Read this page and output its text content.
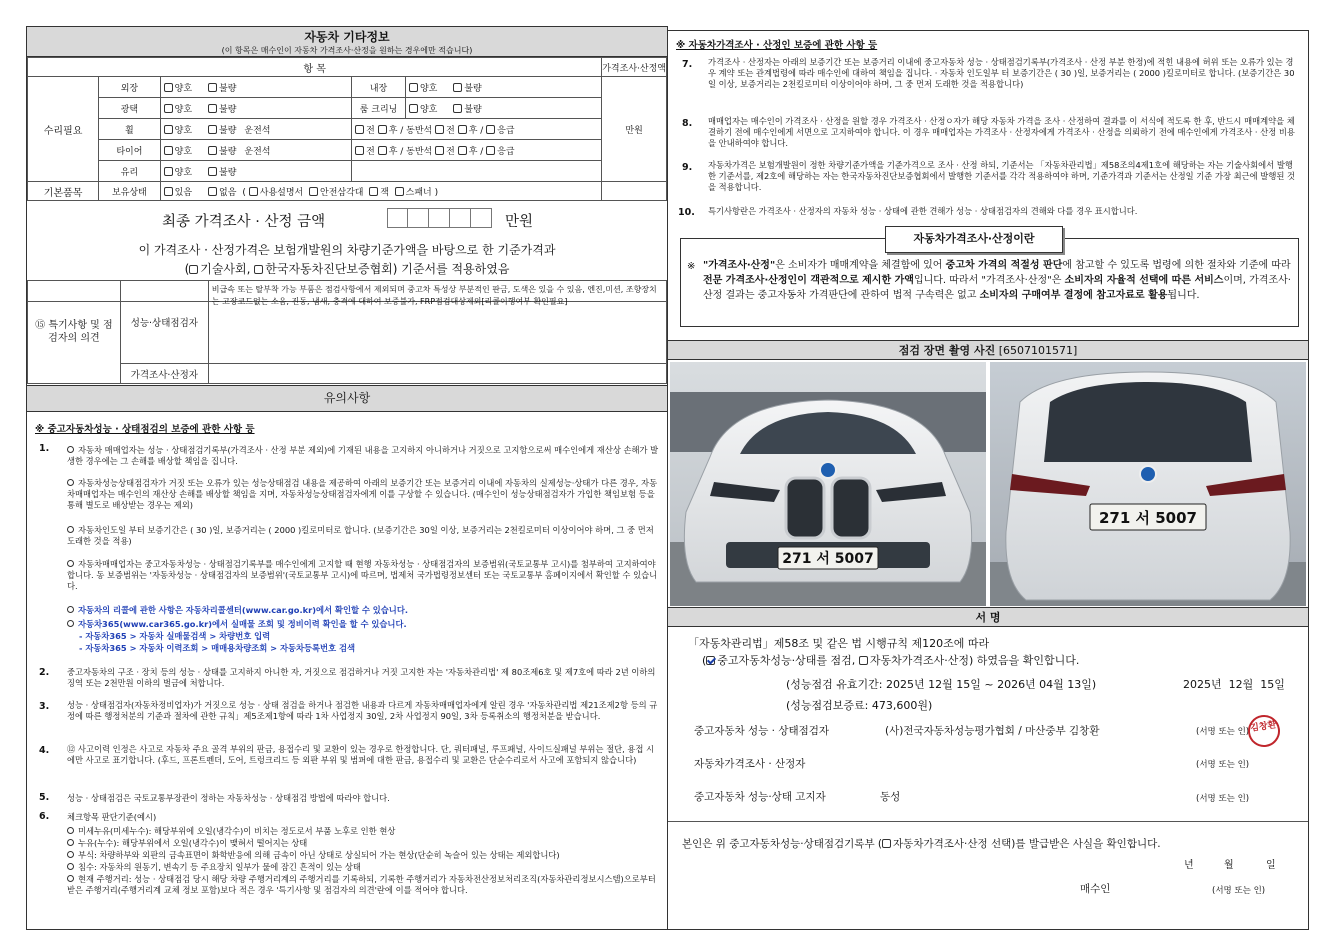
자동차 기타정보
(이 항목은 매수인이 자동차 가격조사·산정을 원하는 경우에만 적습니다)
항 목					가격조사·산정액
수리필요	외장	양호 불량	내장	양호 불량	만원
	광택	양호 불량	룸 크리닝	양호 불량	
	휠	양호 불량 운전석	전 후 / 동반석 전 후 / 응급		
	타이어	양호 불량 운전석	전 후 / 동반석 전 후 / 응급		
	유리	양호 불량			
기본품목	보유상태	있음 없음 ( 사용설명서 안전삼각대 잭 스패너 )			
최종 가격조사 · 산정 금액	만원
이 가격조사 · 산정가격은 보험개발원의 차량기준가액을 바탕으로 한 기준가격과
( 기술사회, 한국자동차진단보증협회) 기준서를 적용하였음
⑮ 특기사항 및 점검자의 의견	성능·상태점검자	비급속 또는 탈부착 가능 부품은 점검사항에서 제외되며 중고차 특성상 부분적인 판금, 도색은 있을 수 있음, 엔진,미션, 조향장치는 고장코드없는 소음, 진동, 냄새, 충격에 대하여 보증불가, FRP점검대상제외[리콜이행여부 확인필요]
	가격조사·산정자	
유의사항
※ 중고자동차성능 · 상태점검의 보증에 관한 사항 등
1.	자동차 매매업자는 성능 · 상태점검기록부(가격조사 · 산정 부분 제외)에 기재된 내용을 고지하지 아니하거나 거짓으로 고지함으로써 매수인에게 재산상 손해가 발생한 경우에는 그 손해를 배상할 책임을 집니다.
자동차성능상태점검자가 거짓 또는 오류가 있는 성능상태점검 내용을 제공하여 아래의 보증기간 또는 보증거리 이내에 자동차의 실제성능·상태가 다른 경우, 자동차매매업자는 매수인의 재산상 손해를 배상할 책임을 지며, 자동차성능상태점검자에게 이를 구상할 수 있습니다. (매수인이 성능상태점검자가 가입한 책임보험 등을 통해 별도로 배상받는 경우는 제외)
자동차인도일 부터 보증기간은 ( 30 )일, 보증거리는 ( 2000 )킬로미터로 합니다. (보증기간은 30일 이상, 보증거리는 2천킬로미터 이상이어야 하며, 그 중 먼저 도래한 것을 적용)
자동차매매업자는 중고자동차성능 · 상태점검기록부를 매수인에게 고지할 때 현행 자동차성능 · 상태점검자의 보증범위(국토교통부 고시)를 첨부하여 고지하여야 합니다. 동 보증범위는 '자동차성능 · 상태점검자의 보증범위'(국토교통부 고시)에 따르며, 법제처 국가법령정보센터 또는 국토교통부 홈페이지에서 확인할 수 있습니다.
자동차의 리콜에 관한 사항은 자동차리콜센터(www.car.go.kr)에서 확인할 수 있습니다.
자동차365(www.car365.go.kr)에서 실매물 조회 및 정비이력 확인을 할 수 있습니다.
- 자동차365 > 자동차 실매물검색 > 차량번호 입력
- 자동차365 > 자동차 이력조회 > 매매용차량조회 > 자동차등록번호 검색
2. 중고자동차의 구조 · 장치 등의 성능 · 상태를 고지하지 아니한 자, 거짓으로 점검하거나 거짓 고지한 자는 '자동차관리법' 제 80조제6호 및 제7호에 따라 2년 이하의 징역 또는 2천만원 이하의 벌금에 처합니다.
3. 성능 · 상태점검자(자동차정비업자)가 거짓으로 성능 · 상태 점검을 하거나 점검한 내용과 다르게 자동차매매업자에게 알린 경우 '자동차관리법 제21조제2항 등의 규정에 따른 행정처분의 기준과 절차에 관한 규칙」제5조제1항에 따라 1차 사업정지 30일, 2차 사업정지 90일, 3차 등록취소의 행정처분을 받습니다.
4. ⑫ 사고이력 인정은 사고로 자동차 주요 골격 부위의 판금, 용접수리 및 교환이 있는 경우로 한정합니다. 단, 쿼터패널, 루프패널, 사이드실패널 부위는 절단, 용접 시에만 사고로 표기합니다. (후드, 프론트펜더, 도어, 트렁크리드 등 외판 부위 및 범퍼에 대한 판금, 용접수리 및 교환은 단순수리로서 사고에 포함되지 않습니다)
5. 성능 · 상태점검은 국토교통부장관이 정하는 자동차성능 · 상태점검 방법에 따라야 합니다.
6. 체크항목 판단기준(예시)
미세누유(미세누수): 해당부위에 오일(냉각수)이 비치는 정도로서 부품 노후로 인한 현상
누유(누수): 해당부위에서 오일(냉각수)이 맺혀서 떨어지는 상태
부식: 차량하부와 외판의 금속표면이 화학반응에 의해 금속이 아닌 상태로 상실되어 가는 현상(단순히 녹슬어 있는 상태는 제외합니다)
침수: 자동차의 원동기, 변속기 등 주요장치 일부가 물에 잠긴 흔적이 있는 상태
현재 주행거리: 성능 · 상태점검 당시 해당 차량 주행거리계의 주행거리를 기록하되, 기록한 주행거리가 자동차전산정보처리조직(자동차관리정보시스템)으로부터 받은 주행거리(주행거리계 교체 정보 포함)보다 적은 경우 '특기사항 및 점검자의 의견'란에 이를 적어야 합니다.
※ 자동차가격조사 · 산정인 보증에 관한 사항 등
7. 가격조사 · 산정자는 아래의 보증기간 또는 보증거리 이내에 중고자동차 성능 · 상태점검기록부(가격조사 · 산정 부분 한정)에 적힌 내용에 허위 또는 오류가 있는 경우 계약 또는 관계법령에 따라 매수인에 대하여 책임을 집니다. · 자동차 인도일부 터 보증기간은 ( 30 )일, 보증거리는 ( 2000 )킬로미터로 합니다. (보증기간은 30일 이상, 보증거리는 2천킬로미터 이상이어야 하며, 그 중 먼저 도래한 것을 적용합니다)
8. 매매업자는 매수인이 가격조사 · 산정을 원할 경우 가격조사 · 산정ㅇ자가 해당 자동차 가격을 조사 · 산정하여 결과를 이 서식에 적도록 한 후, 반드시 매매계약을 체결하기 전에 매수인에게 서면으로 고지하여야 합니다. 이 경우 매매업자는 가격조사 · 산정자에게 가격조사 · 산정을 의뢰하기 전에 매수인에게 가격조사 · 산정 비용을 안내하여야 합니다.
9. 자동차가격은 보험개발원이 정한 차량기준가액을 기준가격으로 조사 · 산정 하되, 기준서는 「자동차관리법」제58조의4제1호에 해당하는 자는 기술사회에서 발행한 기준서를, 제2호에 해당하는 자는 한국자동차진단보증협회에서 발행한 기준서를 각각 적용하여야 하며, 기준가격과 기준서는 산정일 기준 가장 최근에 발행된 것을 적용합니다.
10. 특기사항란은 가격조사 · 산정자의 자동차 성능 · 상태에 관한 견해가 성능 · 상태점검자의 견해와 다를 경우 표시합니다.
자동차가격조사·산정이란
※ "가격조사·산정"은 소비자가 매매계약을 체결함에 있어 중고차 가격의 적절성 판단에 참고할 수 있도록 법령에 의한 절차와 기준에 따라 전문 가격조사·산정인이 객관적으로 제시한 가액입니다. 따라서 "가격조사·산정"은 소비자의 자율적 선택에 따른 서비스이며, 가격조사·산정 결과는 중고자동차 가격판단에 관하여 법적 구속력은 없고 소비자의 구매여부 결정에 참고자료로 활용됩니다.
점검 장면 촬영 사진 [6507101571]
271 서 5007
271 서 5007
서 명
「자동차관리법」제58조 및 같은 법 시행규칙 제120조에 따라
( 중고자동차성능·상태를 점검, 자동차가격조사·산정) 하였음을 확인합니다.
(성능점검 유효기간: 2025년 12월 15일 ~ 2026년 04월 13일)	2025년  12월  15일
(성능점검보증료: 473,600원)
중고자동차 성능 · 상태점검자	(사)전국자동차성능평가협회 / 마산중부 김창환	(서명 또는 인) 김창환
자동차가격조사 · 산정자	(서명 또는 인)
중고자동차 성능·상태 고지자	동성	(서명 또는 인)
본인은 위 중고자동차성능·상태점검기록부 ( 자동차가격조사·산정 선택)를 발급받은 사실을 확인합니다.
년	월	일
매수인	(서명 또는 인)
